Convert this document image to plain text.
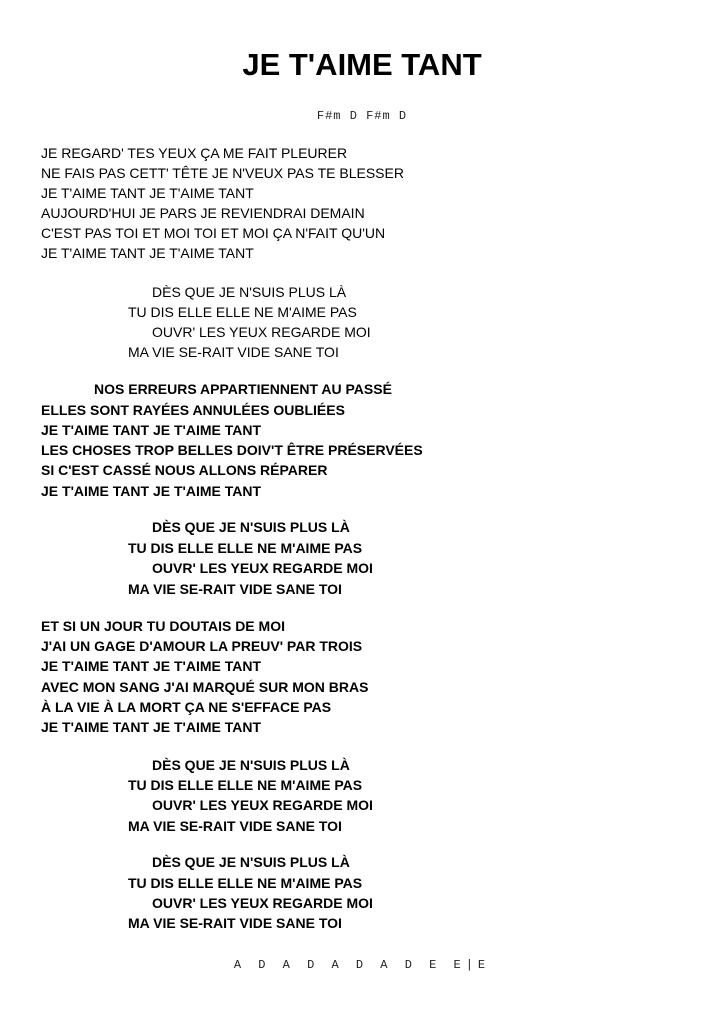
JE T'AIME TANT
F#m D F#m D
JE REGARD' TES YEUX ÇA ME FAIT PLEURER
NE FAIS PAS CETT' TÊTE JE N'VEUX PAS TE BLESSER
JE T'AIME TANT JE T'AIME TANT
AUJOURD'HUI JE PARS JE REVIENDRAI DEMAIN
C'EST PAS TOI ET MOI TOI ET MOI ÇA N'FAIT QU'UN
JE T'AIME TANT JE T'AIME TANT
DÈS QUE JE N'SUIS PLUS LÀ
TU DIS ELLE ELLE NE M'AIME PAS
OUVR' LES YEUX REGARDE MOI
MA VIE SE-RAIT VIDE SANE TOI
NOS ERREURS APPARTIENNENT AU PASSÉ
ELLES SONT RAYÉES ANNULÉES OUBLIÉES
JE T'AIME TANT JE T'AIME TANT
LES CHOSES TROP BELLES DOIV'T ÊTRE PRÉSERVÉES
SI C'EST CASSÉ NOUS ALLONS RÉPARER
JE T'AIME TANT JE T'AIME TANT
DÈS QUE JE N'SUIS PLUS LÀ
TU DIS ELLE ELLE NE M'AIME PAS
OUVR' LES YEUX REGARDE MOI
MA VIE SE-RAIT VIDE SANE TOI
ET SI UN JOUR TU DOUTAIS DE MOI
J'AI UN GAGE D'AMOUR LA PREUV' PAR TROIS
JE T'AIME TANT JE T'AIME TANT
AVEC MON SANG J'AI MARQUÉ SUR MON BRAS
À LA VIE À LA MORT ÇA NE S'EFFACE PAS
JE T'AIME TANT JE T'AIME TANT
DÈS QUE JE N'SUIS PLUS LÀ
TU DIS ELLE ELLE NE M'AIME PAS
OUVR' LES YEUX REGARDE MOI
MA VIE SE-RAIT VIDE SANE TOI
DÈS QUE JE N'SUIS PLUS LÀ
TU DIS ELLE ELLE NE M'AIME PAS
OUVR' LES YEUX REGARDE MOI
MA VIE SE-RAIT VIDE SANE TOI
A D A D A D A D E E|E
